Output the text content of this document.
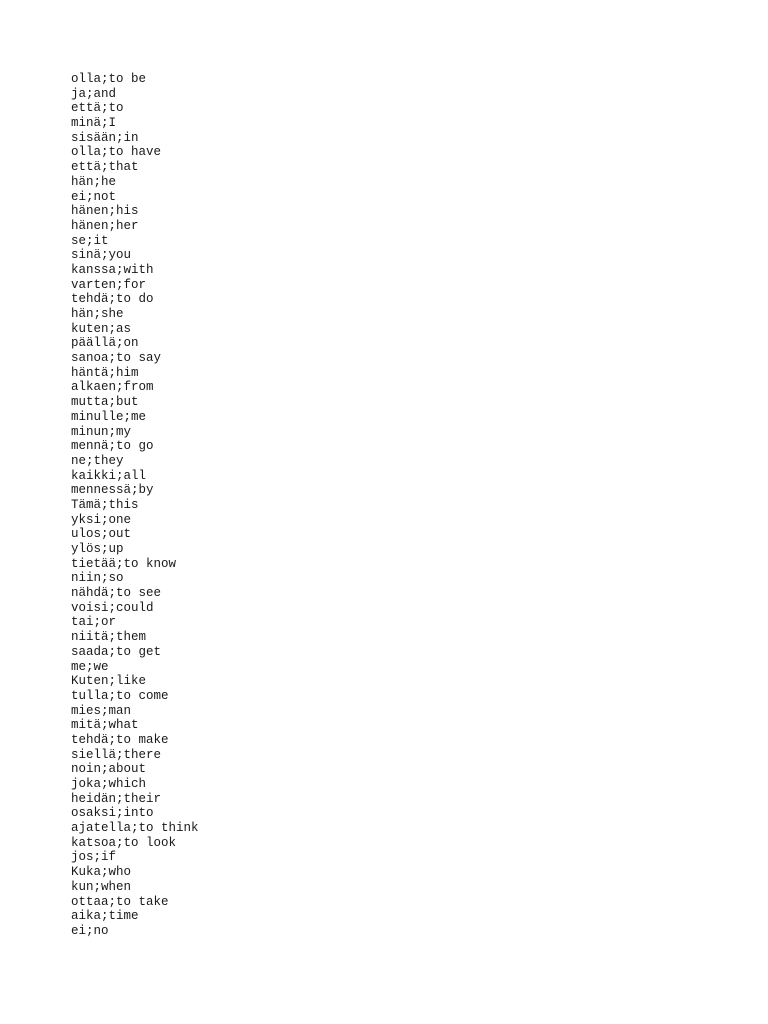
olla;to be
ja;and
että;to
minä;I
sisään;in
olla;to have
että;that
hän;he
ei;not
hänen;his
hänen;her
se;it
sinä;you
kanssa;with
varten;for
tehdä;to do
hän;she
kuten;as
päällä;on
sanoa;to say
häntä;him
alkaen;from
mutta;but
minulle;me
minun;my
mennä;to go
ne;they
kaikki;all
mennessä;by
Tämä;this
yksi;one
ulos;out
ylös;up
tietää;to know
niin;so
nähdä;to see
voisi;could
tai;or
niitä;them
saada;to get
me;we
Kuten;like
tulla;to come
mies;man
mitä;what
tehdä;to make
siellä;there
noin;about
joka;which
heidän;their
osaksi;into
ajatella;to think
katsoa;to look
jos;if
Kuka;who
kun;when
ottaa;to take
aika;time
ei;no
